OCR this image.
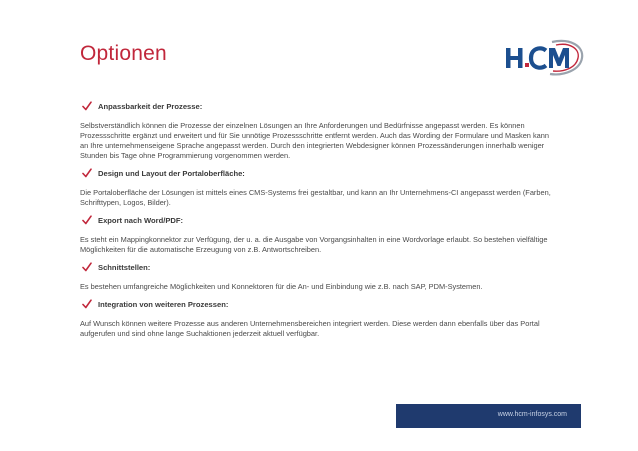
Optionen
Anpassbarkeit der Prozesse:

Selbstverständlich können die Prozesse der einzelnen Lösungen an Ihre Anforderungen und Bedürfnisse angepasst werden. Es können Prozessschritte ergänzt und erweitert und für Sie unnötige Prozessschritte entfernt werden. Auch das Wording der Formulare und Masken kann an Ihre unternehmenseigene Sprache angepasst werden. Durch den integrierten Webdesigner können Prozessänderungen innerhalb weniger Stunden bis Tage ohne Programmierung vorgenommen werden.

Design und Layout der Portaloberfläche:

Die Portaloberfläche der Lösungen ist mittels eines CMS-Systems frei gestaltbar, und kann an Ihr Unternehmens-CI angepasst werden (Farben, Schrifttypen, Logos, Bilder).

Export nach Word/PDF:

Es steht ein Mappingkonnektor zur Verfügung, der u. a. die Ausgabe von Vorgangsinhalten in eine Wordvorlage erlaubt. So bestehen vielfältige Möglichkeiten für die automatische Erzeugung von z.B. Antwortschreiben.

Schnittstellen:

Es bestehen umfangreiche Möglichkeiten und Konnektoren für die An- und Einbindung wie z.B. nach SAP, PDM-Systemen.

Integration von weiteren Prozessen:

Auf Wunsch können weitere Prozesse aus anderen Unternehmensbereichen integriert werden. Diese werden dann ebenfalls über das Portal aufgerufen und sind ohne lange Suchaktionen jederzeit aktuell verfügbar.

www.hcm-infosys.com
